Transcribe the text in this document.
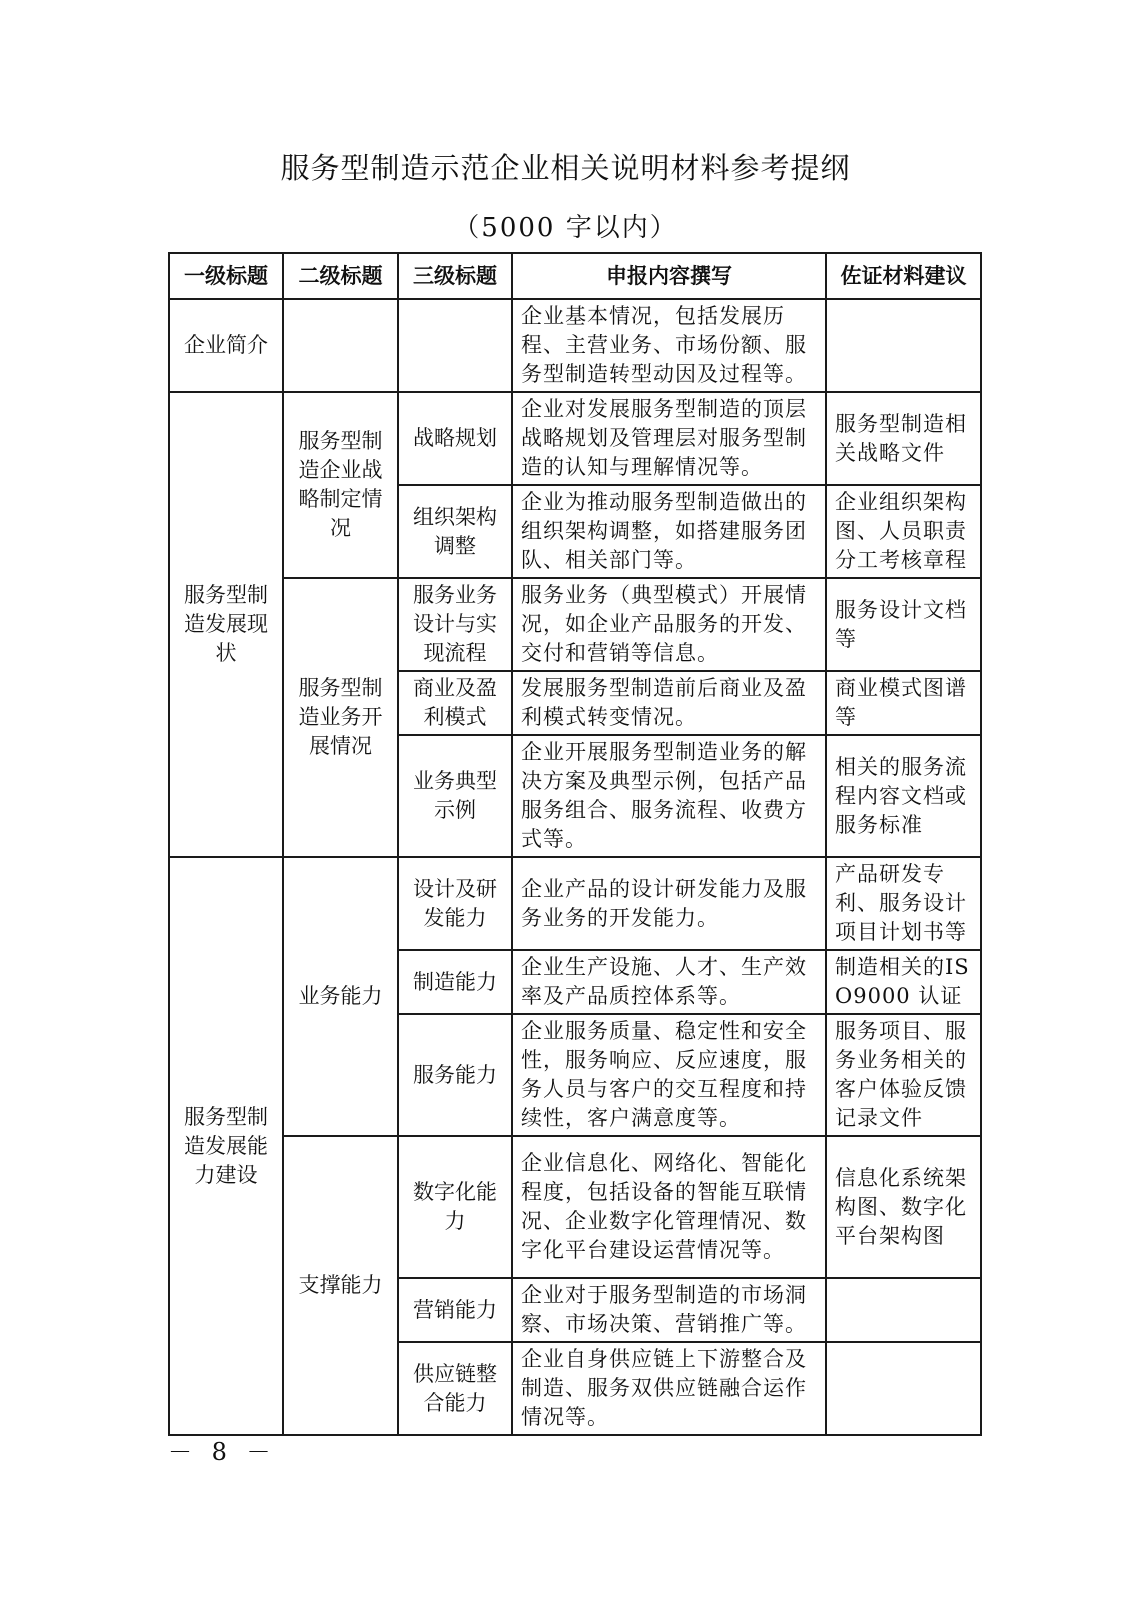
服务型制造示范企业相关说明材料参考提纲
（5000 字以内）
一级标题	二级标题	三级标题	申报内容撰写	佐证材料建议
企业简介			企业基本情况，包括发展历程、主营业务、市场份额、服务型制造转型动因及过程等。	
服务型制造发展现状	服务型制造企业战略制定情况	战略规划	企业对发展服务型制造的顶层战略规划及管理层对服务型制造的认知与理解情况等。	服务型制造相关战略文件
		组织架构调整	企业为推动服务型制造做出的组织架构调整，如搭建服务团队、相关部门等。	企业组织架构图、人员职责分工考核章程
	服务型制造业务开展情况	服务业务设计与实现流程	服务业务（典型模式）开展情况，如企业产品服务的开发、交付和营销等信息。	服务设计文档等
		商业及盈利模式	发展服务型制造前后商业及盈利模式转变情况。	商业模式图谱等
		业务典型示例	企业开展服务型制造业务的解决方案及典型示例，包括产品服务组合、服务流程、收费方式等。	相关的服务流程内容文档或服务标准
服务型制造发展能力建设	业务能力	设计及研发能力	企业产品的设计研发能力及服务业务的开发能力。	产品研发专利、服务设计项目计划书等
		制造能力	企业生产设施、人才、生产效率及产品质控体系等。	制造相关的ISO9000 认证
		服务能力	企业服务质量、稳定性和安全性，服务响应、反应速度，服务人员与客户的交互程度和持续性，客户满意度等。	服务项目、服务业务相关的客户体验反馈记录文件
	支撑能力	数字化能力	企业信息化、网络化、智能化程度，包括设备的智能互联情况、企业数字化管理情况、数字化平台建设运营情况等。	信息化系统架构图、数字化平台架构图
		营销能力	企业对于服务型制造的市场洞察、市场决策、营销推广等。	
		供应链整合能力	企业自身供应链上下游整合及制造、服务双供应链融合运作情况等。	
－ 8 －
